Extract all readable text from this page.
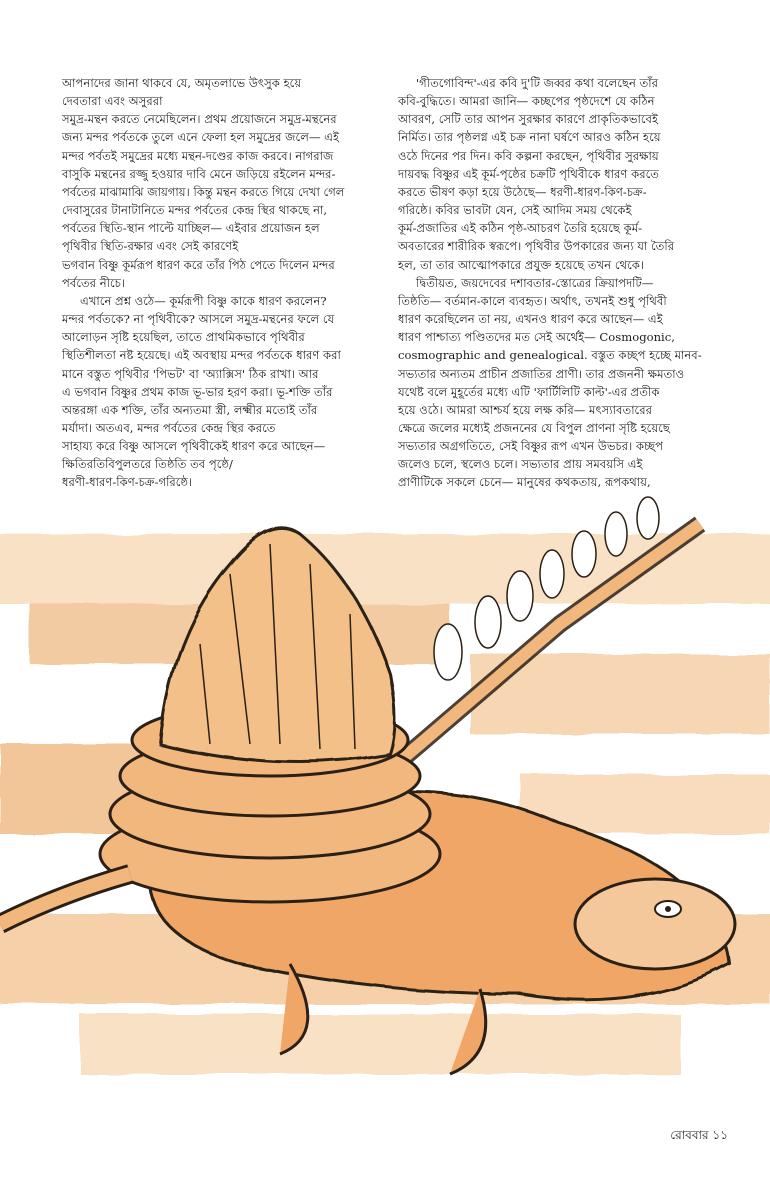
আপনাদের জানা থাকবে যে, অমৃতলাভে উৎসুক হয়ে
দেবতারা এবং অসুররা
সমুদ্র-মন্থন করতে নেমেছিলেন। প্রথম প্রয়োজনে সমুদ্র-মন্থনের
জন্য মন্দর পর্বতকে তুলে এনে ফেলা হল সমুদ্রের জলে— এই
মন্দর পর্বতই সমুদ্রের মধ্যে মন্থন-দণ্ডের কাজ করবে। নাগরাজ
বাসুকি মন্থনের রজ্জু হওয়ার দাবি মেনে জড়িয়ে রইলেন মন্দর-
পর্বতের মাঝামাঝি জায়গায়। কিন্তু মন্থন করতে গিয়ে দেখা গেল
দেবাসুরের টানাটানিতে মন্দর পর্বতের কেন্দ্র স্থির থাকছে না,
পর্বতের স্থিতি-স্থান পাল্টে যাচ্ছিল— এইবার প্রয়োজন হল
পৃথিবীর স্থিতি-রক্ষার এবং সেই কারণেই
ভগবান বিষ্ণু কূর্মরূপ ধারণ করে তাঁর পিঠ পেতে দিলেন মন্দর
পর্বতের নীচে।

এখানে প্রশ্ন ওঠে— কূর্মরূপী বিষ্ণু কাকে ধারণ করলেন?
মন্দর পর্বতকে? না পৃথিবীকে? আসলে সমুদ্র-মন্থনের ফলে যে
আলোড়ন সৃষ্টি হয়েছিল, তাতে প্রাথমিকভাবে পৃথিবীর
স্থিতিশীলতা নষ্ট হয়েছে। এই অবস্থায় মন্দর পর্বতকে ধারণ করা
মানে বস্তুত পৃথিবীর 'পিভট' বা 'অ্যাক্সিস' ঠিক রাখা। আর
এ ভগবান বিষ্ণুর প্রথম কাজ ভূ-ভার হরণ করা। ভূ-শক্তি তাঁর
অন্তরঙ্গা এক শক্তি, তাঁর অন্যতমা স্ত্রী, লক্ষ্মীর মতোই তাঁর
মর্যাদা। অতএব, মন্দর পর্বতের কেন্দ্র স্থির করতে
সাহায্য করে বিষ্ণু আসলে পৃথিবীকেই ধারণ করে আছেন—
ক্ষিতিরতিবিপুলতরে তিষ্ঠতি তব পৃষ্ঠে/
ধরণী-ধারণ-কিণ-চক্র-গরিষ্ঠে।

'গীতগোবিন্দ'-এর কবি দু'টি জব্বর কথা বলেছেন তাঁর
কবি-বুদ্ধিতে। আমরা জানি— কচ্ছপের পৃষ্ঠদেশে যে কঠিন
আবরণ, সেটি তার আপন সুরক্ষার কারণে প্রাকৃতিকভাবেই
নির্মিত। তার পৃষ্ঠলগ্ন এই চক্র নানা ঘর্ষণে আরও কঠিন হয়ে
ওঠে দিনের পর দিন। কবি কল্পনা করছেন, পৃথিবীর সুরক্ষায়
দায়বদ্ধ বিষ্ণুর এই কূর্ম-পৃষ্ঠের চক্রটি পৃথিবীকে ধারণ করতে
করতে ভীষণ কড়া হয়ে উঠেছে— ধরণী-ধারণ-কিণ-চক্র-
গরিষ্ঠে। কবির ভাবটা যেন, সেই আদিম সময় থেকেই
কূর্ম-প্রজাতির এই কঠিন পৃষ্ঠ-আচরণ তৈরি হয়েছে কূর্ম-
অবতারের শারীরিক স্বরূপে। পৃথিবীর উপকারের জন্য যা তৈরি
হল, তা তার আত্মোপকারে প্রযুক্ত হয়েছে তখন থেকে।

দ্বিতীয়ত, জয়দেবের দশাবতার-স্তোত্রের ক্রিয়াপদটি—
তিষ্ঠতি— বর্তমান-কালে ব্যবহৃত। অর্থাৎ, তখনই শুধু পৃথিবী
ধারণ করেছিলেন তা নয়, এখনও ধারণ করে আছেন— এই
ধারণ পাশ্চাত্য পণ্ডিতদের মত সেই অর্থেই— Cosmogonic,
cosmographic and genealogical. বস্তুত কচ্ছপ হচ্ছে মানব-
সভ্যতার অন্যতম প্রাচীন প্রজাতির প্রাণী। তার প্রজননী ক্ষমতাও
যথেষ্ট বলে মুহূর্তের মধ্যে এটি 'ফার্টিলিটি কাল্ট'-এর প্রতীক
হয়ে ওঠে। আমরা আশ্চর্য হয়ে লক্ষ করি— মৎস্যাবতারের
ক্ষেত্রে জলের মধ্যেই প্রজননের যে বিপুল প্রাণনা সৃষ্টি হয়েছে
সভ্যতার অগ্রগতিতে, সেই বিষ্ণুর রূপ এখন উভচর। কচ্ছপ
জলেও চলে, স্থলেও চলে। সভ্যতার প্রায় সমবয়সি এই
প্রাণীটিকে সকলে চেনে— মানুষের কথকতায়, রূপকথায়,

রোববার ১১
